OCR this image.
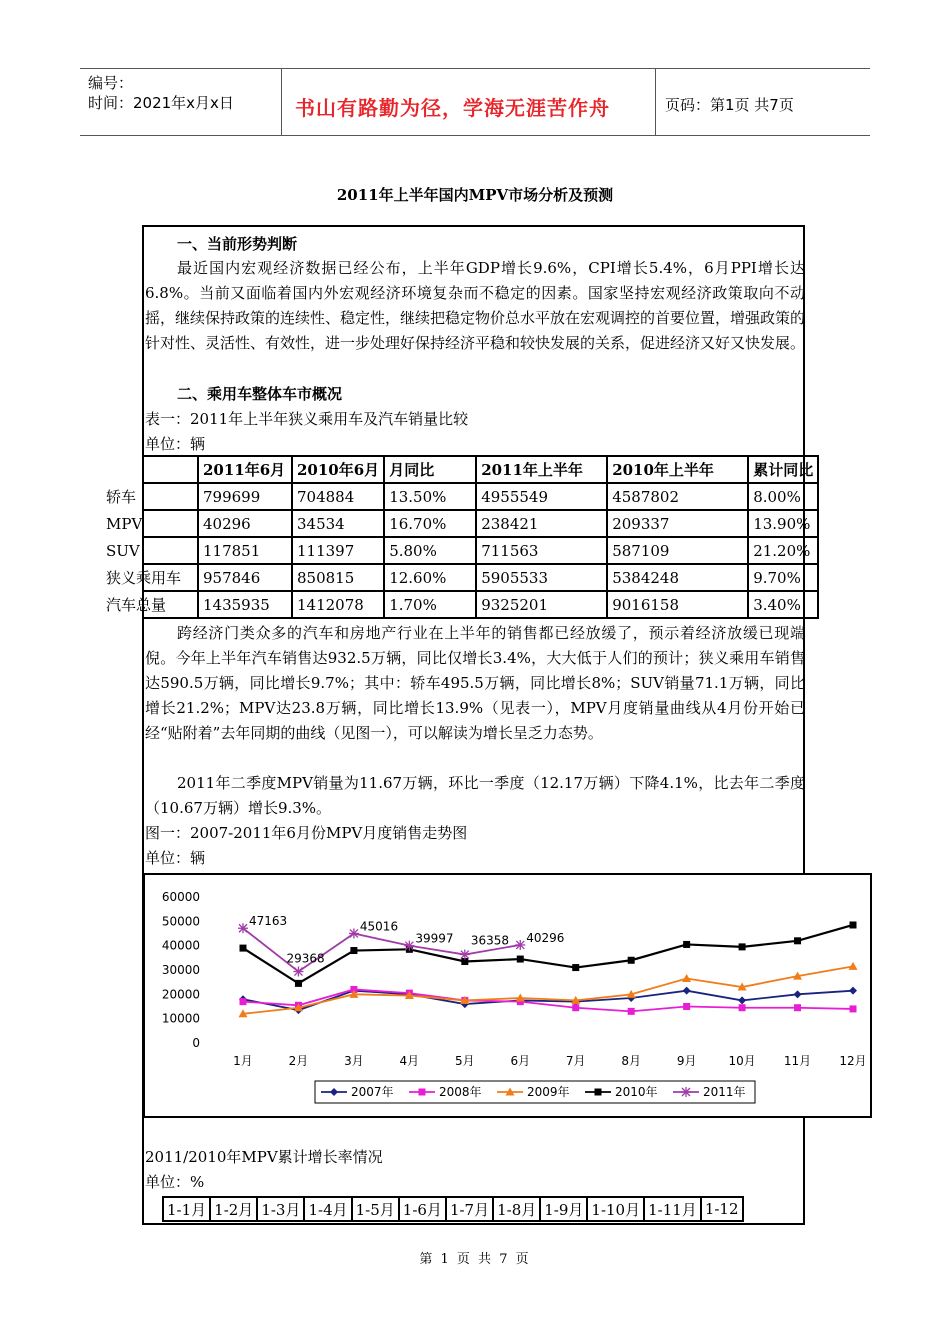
编号：
时间：2021年x月x日	书山有路勤为径，学海无涯苦作舟	页码：第1页 共7页
2011年上半年国内MPV市场分析及预测
一、当前形势判断
最近国内宏观经济数据已经公布，上半年GDP增长9.6%，CPI增长5.4%，6月PPI增长达6.8%。当前又面临着国内外宏观经济环境复杂而不稳定的因素。国家坚持宏观经济政策取向不动摇，继续保持政策的连续性、稳定性，继续把稳定物价总水平放在宏观调控的首要位置，增强政策的针对性、灵活性、有效性，进一步处理好保持经济平稳和较快发展的关系，促进经济又好又快发展。
二、乘用车整体车市概况
表一：2011年上半年狭义乘用车及汽车销量比较
单位：辆
	2011年6月	2010年6月	月同比	2011年上半年	2010年上半年	累计同比
轿车	799699	704884	13.50%	4955549	4587802	8.00%
MPV	40296	34534	16.70%	238421	209337	13.90%
SUV	117851	111397	5.80%	711563	587109	21.20%
狭义乘用车	957846	850815	12.60%	5905533	5384248	9.70%
汽车总量	1435935	1412078	1.70%	9325201	9016158	3.40%
跨经济门类众多的汽车和房地产行业在上半年的销售都已经放缓了，预示着经济放缓已现端倪。今年上半年汽车销售达932.5万辆，同比仅增长3.4%，大大低于人们的预计；狭义乘用车销售达590.5万辆，同比增长9.7%；其中：轿车495.5万辆，同比增长8%；SUV销量71.1万辆，同比增长21.2%；MPV达23.8万辆，同比增长13.9%（见表一），MPV月度销量曲线从4月份开始已经“贴附着”去年同期的曲线（见图一），可以解读为增长呈乏力态势。
2011年二季度MPV销量为11.67万辆，环比一季度（12.17万辆）下降4.1%，比去年二季度（10.67万辆）增长9.3%。
图一：2007-2011年6月份MPV月度销售走势图
单位：辆
0
10000
20000
30000
40000
50000
60000
1月	2月	3月	4月	5月	6月	7月	8月	9月	10月 11月 12月
47163
29368
45016
39997 36358 40296
2007年	2008年	2009年	2010年	2011年
2011/2010年MPV累计增长率情况
单位：%
1-1月	1-2月	1-3月	1-4月	1-5月	1-6月	1-7月	1-8月	1-9月	1-10月	1-11月	1-12
第 1 页 共 7 页
